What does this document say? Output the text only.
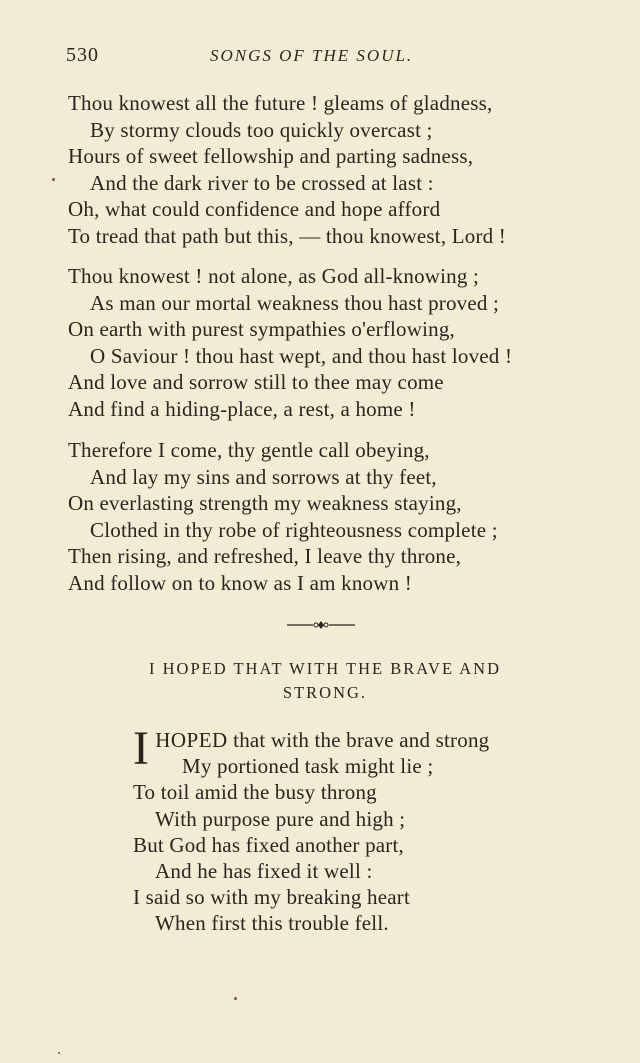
530	SONGS OF THE SOUL.
Thou knowest all the future ! gleams of gladness,
By stormy clouds too quickly overcast ;
Hours of sweet fellowship and parting sadness,
And the dark river to be crossed at last :
Oh, what could confidence and hope afford
To tread that path but this, — thou knowest, Lord !
Thou knowest ! not alone, as God all-knowing ;
As man our mortal weakness thou hast proved ;
On earth with purest sympathies o'erflowing,
O Saviour ! thou hast wept, and thou hast loved !
And love and sorrow still to thee may come
And find a hiding-place, a rest, a home !
Therefore I come, thy gentle call obeying,
And lay my sins and sorrows at thy feet,
On everlasting strength my weakness staying,
Clothed in thy robe of righteousness complete ;
Then rising, and refreshed, I leave thy throne,
And follow on to know as I am known !
I HOPED THAT WITH THE BRAVE AND
STRONG.
I HOPED that with the brave and strong
My portioned task might lie ;
To toil amid the busy throng
With purpose pure and high ;
But God has fixed another part,
And he has fixed it well :
I said so with my breaking heart
When first this trouble fell.
